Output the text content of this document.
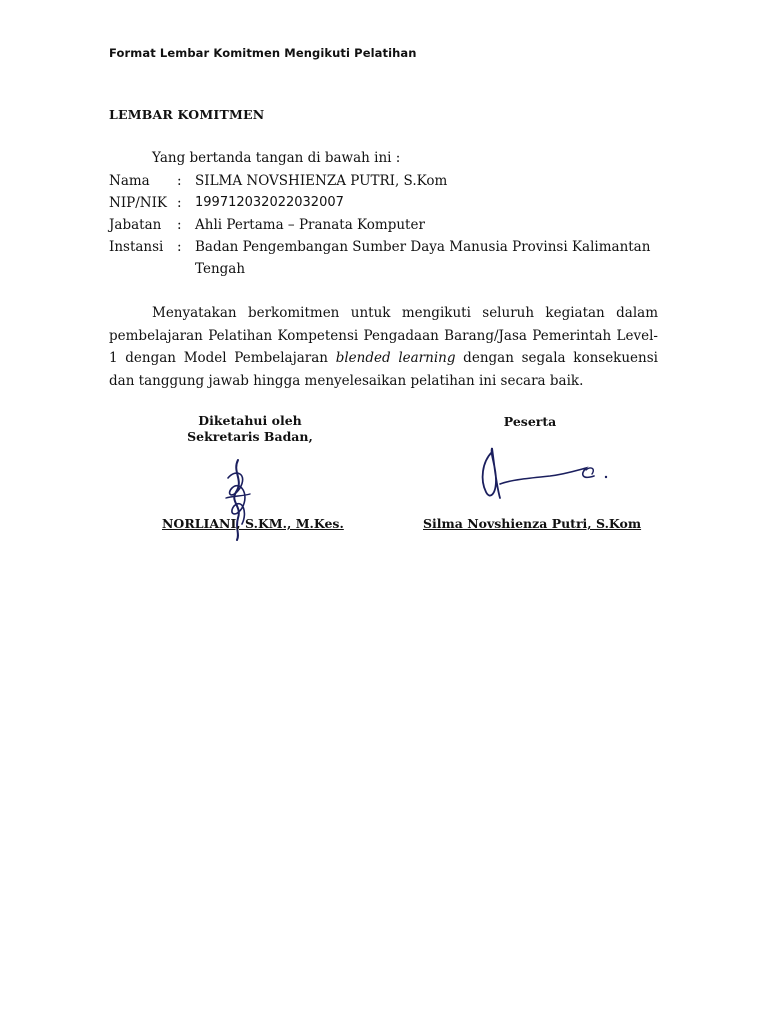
Format Lembar Komitmen Mengikuti Pelatihan
LEMBAR KOMITMEN
Yang bertanda tangan di bawah ini :
Nama : SILMA NOVSHIENZA PUTRI, S.Kom
NIP/NIK : 199712032022032007
Jabatan : Ahli Pertama – Pranata Komputer
Instansi : Badan Pengembangan Sumber Daya Manusia Provinsi Kalimantan Tengah
Menyatakan berkomitmen untuk mengikuti seluruh kegiatan dalam pembelajaran Pelatihan Kompetensi Pengadaan Barang/Jasa Pemerintah Level-1 dengan Model Pembelajaran blended learning dengan segala konsekuensi dan tanggung jawab hingga menyelesaikan pelatihan ini secara baik.
Diketahui oleh
Sekretaris Badan,
Peserta
NORLIANI, S.KM., M.Kes.	Silma Novshienza Putri, S.Kom
